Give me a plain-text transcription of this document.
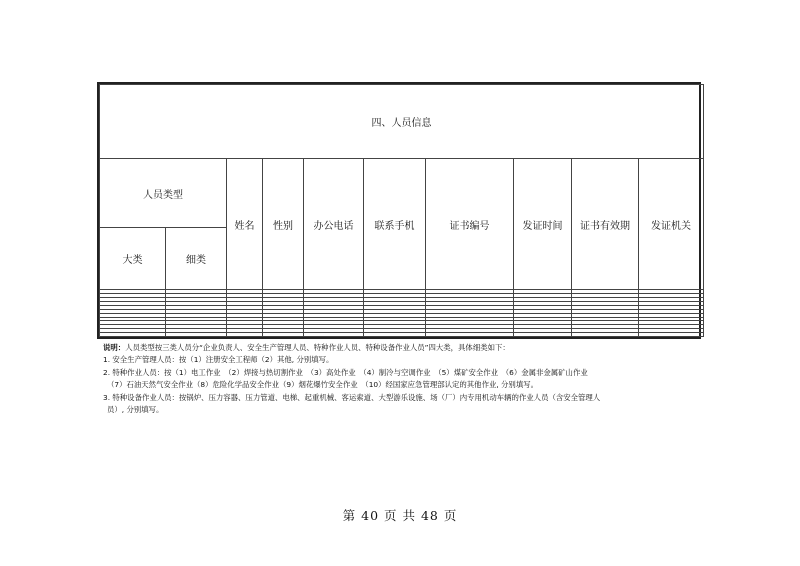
四、人员信息									
人员类型		姓名	性别	办公电话	联系手机	证书编号	发证时间	证书有效期	发证机关
大类	细类								

说明：人员类型按三类人员分“企业负责人、安全生产管理人员、特种作业人员、特种设备作业人员”四大类，具体细类如下：
1. 安全生产管理人员：按（1）注册安全工程师（2）其他, 分别填写。
2. 特种作业人员：按（1）电工作业　（2）焊接与热切割作业　（3）高处作业　（4）制冷与空调作业　（5）煤矿安全作业　（6）金属非金属矿山作业
（7）石油天然气安全作业（8）危险化学品安全作业（9）烟花爆竹安全作业　（10）经国家应急管理部认定的其他作业, 分别填写。
3. 特种设备作业人员：按锅炉、压力容器、压力管道、电梯、起重机械、客运索道、大型游乐设施、场（厂）内专用机动车辆的作业人员（含安全管理人
员）, 分别填写。
第 40 页 共 48 页
